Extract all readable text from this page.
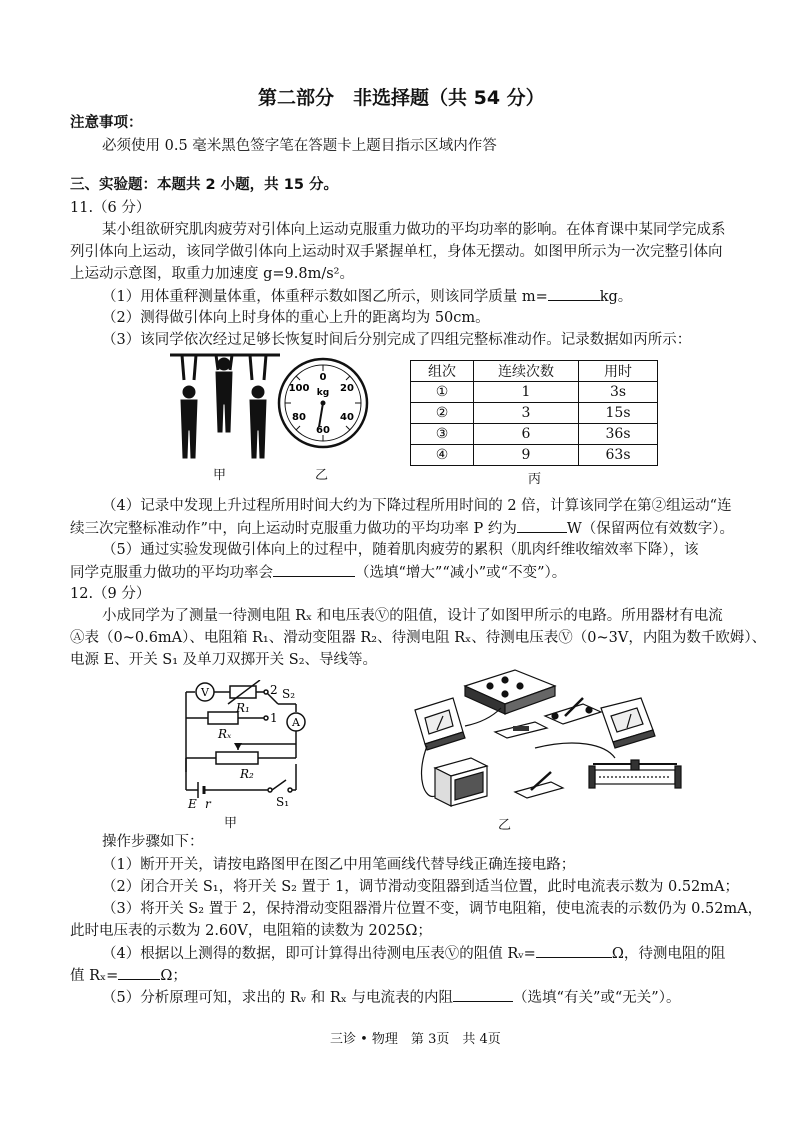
第二部分　非选择题（共 54 分）
注意事项：
必须使用 0.5 毫米黑色签字笔在答题卡上题目指示区域内作答
三、实验题：本题共 2 小题，共 15 分。
11.（6 分）
某小组欲研究肌肉疲劳对引体向上运动克服重力做功的平均功率的影响。在体育课中某同学完成系
列引体向上运动，该同学做引体向上运动时双手紧握单杠，身体无摆动。如图甲所示为一次完整引体向
上运动示意图，取重力加速度 g=9.8m/s²。
（1）用体重秤测量体重，体重秤示数如图乙所示，则该同学质量 m=	kg。
（2）测得做引体向上时身体的重心上升的距离均为 50cm。
（3）该同学依次经过足够长恢复时间后分别完成了四组完整标准动作。记录数据如丙所示：
甲
0
20
40
60
80
100 kg
乙
组次	连续次数	用时
①	1	3s
②	3	15s
③	6	36s
④	9	63s
丙
（4）记录中发现上升过程所用时间大约为下降过程所用时间的 2 倍，计算该同学在第②组运动“连
续三次完整标准动作”中，向上运动时克服重力做功的平均功率 P 约为	W（保留两位有效数字）。
（5）通过实验发现做引体向上的过程中，随着肌肉疲劳的累积（肌肉纤维收缩效率下降），该
同学克服重力做功的平均功率会	（选填“增大”“减小”或“不变”）。
12.（9 分）
小成同学为了测量一待测电阻 Rₓ 和电压表Ⓥ的阻值，设计了如图甲所示的电路。所用器材有电流
Ⓐ表（0~0.6mA）、电阻箱 R₁、滑动变阻器 R₂、待测电阻 Rₓ、待测电压表Ⓥ（0~3V，内阻为数千欧姆）、
电源 E、开关 S₁ 及单刀双掷开关 S₂、导线等。
V
A
R₁
Rₓ
R₂
2
1
S₂
S₁
E r
甲	乙
操作步骤如下：
（1）断开开关，请按电路图甲在图乙中用笔画线代替导线正确连接电路；
（2）闭合开关 S₁，将开关 S₂ 置于 1，调节滑动变阻器到适当位置，此时电流表示数为 0.52mA；
（3）将开关 S₂ 置于 2，保持滑动变阻器滑片位置不变，调节电阻箱，使电流表的示数仍为 0.52mA，
此时电压表的示数为 2.60V，电阻箱的读数为 2025Ω；
（4）根据以上测得的数据，即可计算得出待测电压表Ⓥ的阻值 Rᵥ=	Ω，待测电阻的阻
值 Rₓ=	Ω；
（5）分析原理可知，求出的 Rᵥ 和 Rₓ 与电流表的内阻	（选填“有关”或“无关”）。
三诊 • 物理　第 3页　共 4页
